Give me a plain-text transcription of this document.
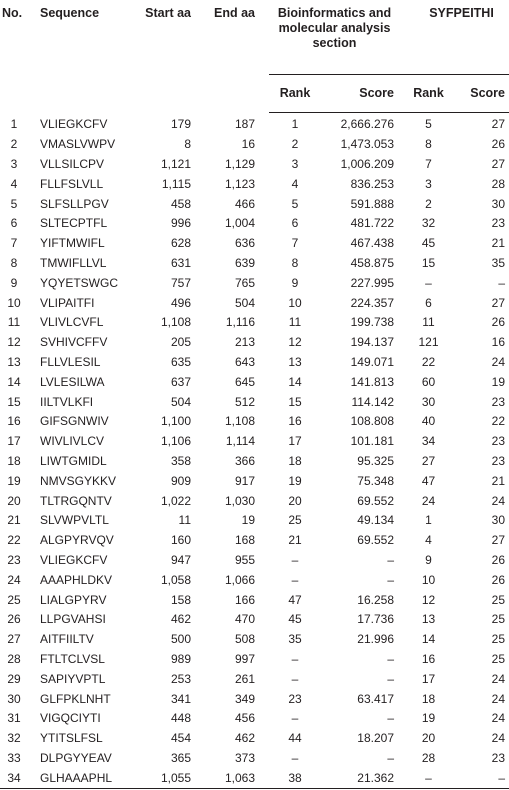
No.	Sequence	Start aa	End aa	Bioinformatics and molecular analysis section		SYFPEITHI	
				Rank	Score	Rank	Score
1	VLIEGKCFV	179	187	1	2,666.276	5	27
2	VMASLVWPV	8	16	2	1,473.053	8	26
3	VLLSILCPV	1,121	1,129	3	1,006.209	7	27
4	FLLFSLVLL	1,115	1,123	4	836.253	3	28
5	SLFSLLPGV	458	466	5	591.888	2	30
6	SLTECPTFL	996	1,004	6	481.722	32	23
7	YIFTMWIFL	628	636	7	467.438	45	21
8	TMWIFLLVL	631	639	8	458.875	15	35
9	YQYETSWGC	757	765	9	227.995	–	–
10	VLIPAITFI	496	504	10	224.357	6	27
11	VLIVLCVFL	1,108	1,116	11	199.738	11	26
12	SVHIVCFFV	205	213	12	194.137	121	16
13	FLLVLESIL	635	643	13	149.071	22	24
14	LVLESILWA	637	645	14	141.813	60	19
15	IILTVLKFI	504	512	15	114.142	30	23
16	GIFSGNWIV	1,100	1,108	16	108.808	40	22
17	WIVLIVLCV	1,106	1,114	17	101.181	34	23
18	LIWTGMIDL	358	366	18	95.325	27	23
19	NMVSGYKKV	909	917	19	75.348	47	21
20	TLTRGQNTV	1,022	1,030	20	69.552	24	24
21	SLVWPVLTL	11	19	25	49.134	1	30
22	ALGPYRVQV	160	168	21	69.552	4	27
23	VLIEGKCFV	947	955	–	–	9	26
24	AAAPHLDKV	1,058	1,066	–	–	10	26
25	LIALGPYRV	158	166	47	16.258	12	25
26	LLPGVAHSI	462	470	45	17.736	13	25
27	AITFIILTV	500	508	35	21.996	14	25
28	FTLTCLVSL	989	997	–	–	16	25
29	SAPIYVPTL	253	261	–	–	17	24
30	GLFPKLNHT	341	349	23	63.417	18	24
31	VIGQCIYTI	448	456	–	–	19	24
32	YTITSLFSL	454	462	44	18.207	20	24
33	DLPGYYEAV	365	373	–	–	28	23
34	GLHAAAPHL	1,055	1,063	38	21.362	–	–
